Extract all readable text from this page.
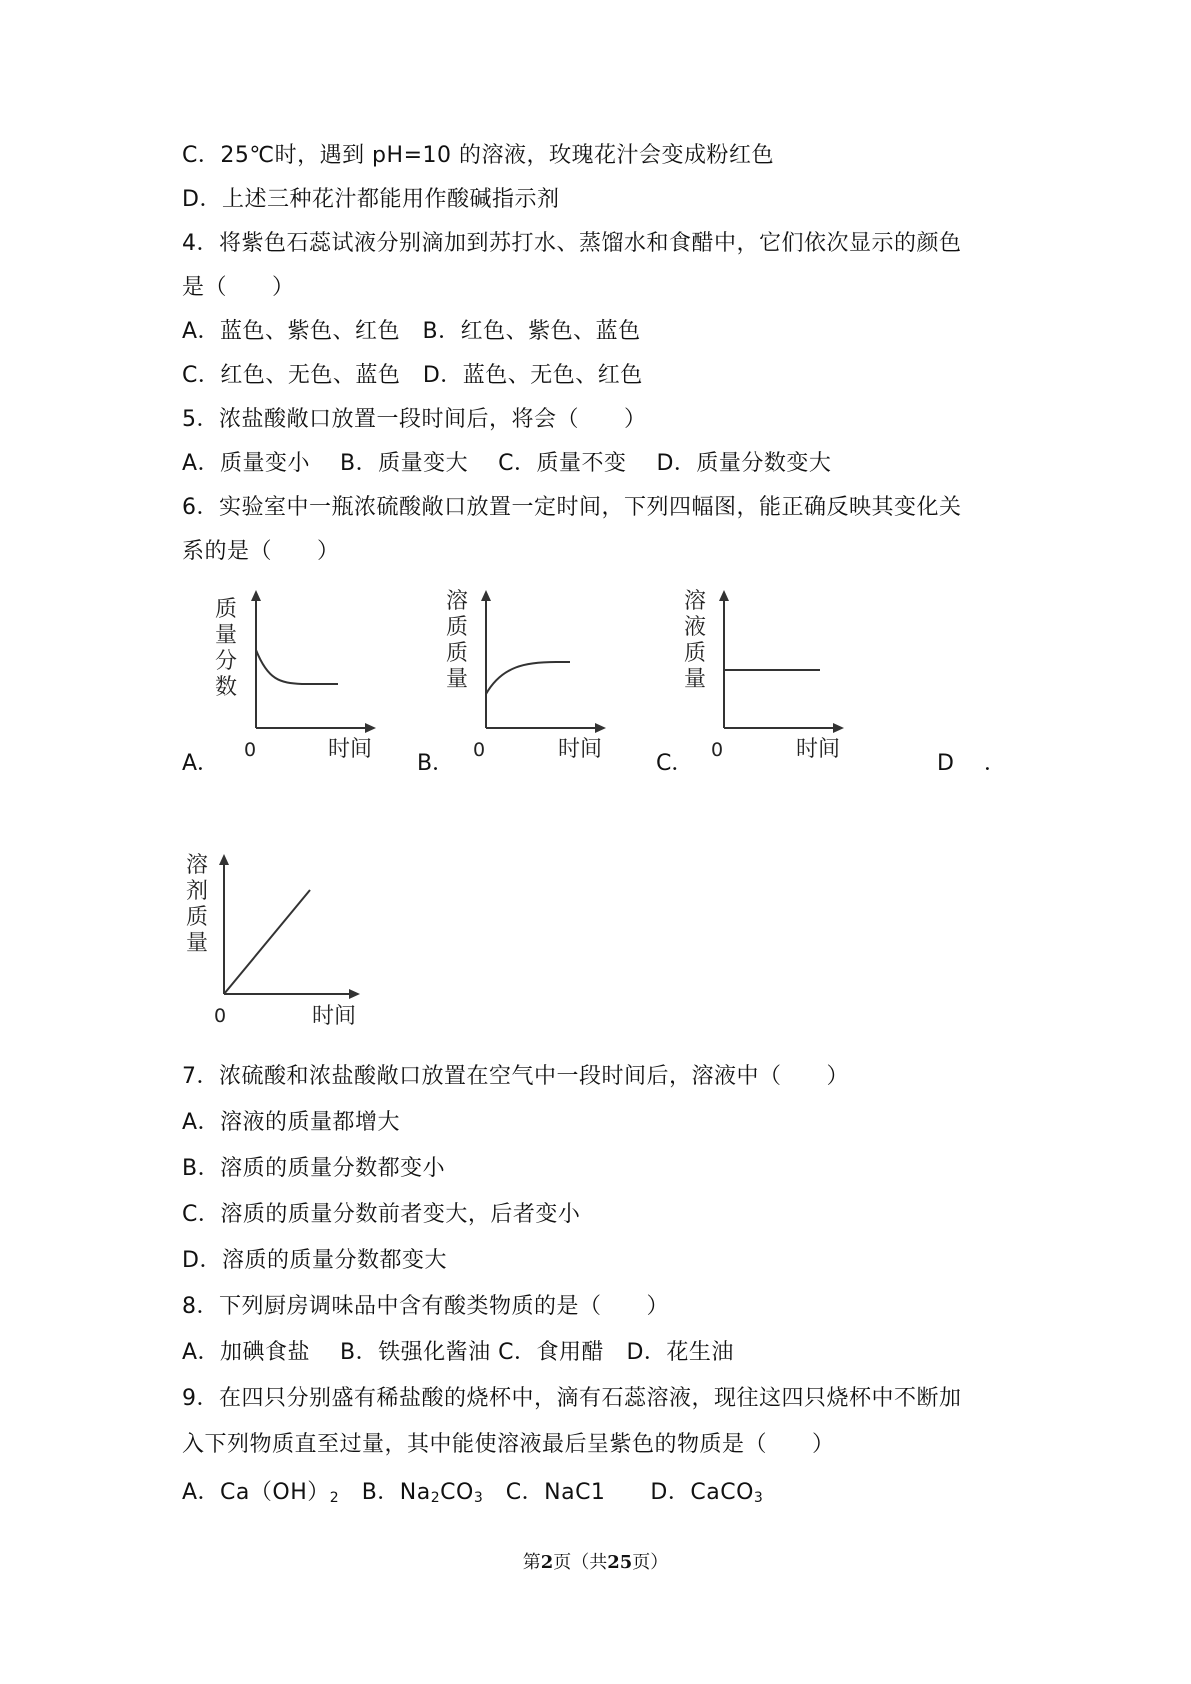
C．25℃时，遇到 pH=10 的溶液，玫瑰花汁会变成粉红色
D．上述三种花汁都能用作酸碱指示剂
4．将紫色石蕊试液分别滴加到苏打水、蒸馏水和食醋中，它们依次显示的颜色
是（　　）
A．蓝色、紫色、红色　B．红色、紫色、蓝色
C．红色、无色、蓝色　D．蓝色、无色、红色
5．浓盐酸敞口放置一段时间后，将会（　　）
A．质量变小　 B．质量变大　 C．质量不变　 D．质量分数变大
6．实验室中一瓶浓硫酸敞口放置一定时间，下列四幅图，能正确反映其变化关
系的是（　　）
A．
质
量
分
数
0	时间
B．
溶
质
质
量
0	时间
C．
溶
液
质
量
0	时间
D ．
溶
剂
质
量
0	时间
7．浓硫酸和浓盐酸敞口放置在空气中一段时间后，溶液中（　　）
A．溶液的质量都增大
B．溶质的质量分数都变小
C．溶质的质量分数前者变大，后者变小
D．溶质的质量分数都变大
8．下列厨房调味品中含有酸类物质的是（　　）
A．加碘食盐　 B．铁强化酱油 C．食用醋　D．花生油
9．在四只分别盛有稀盐酸的烧杯中，滴有石蕊溶液，现往这四只烧杯中不断加
入下列物质直至过量，其中能使溶液最后呈紫色的物质是（　　）
A．$Ca(OH)_2$　B．$Na_2CO_3$　C．NaC1　　D．CaCO$_3$
第2页（共25页）
